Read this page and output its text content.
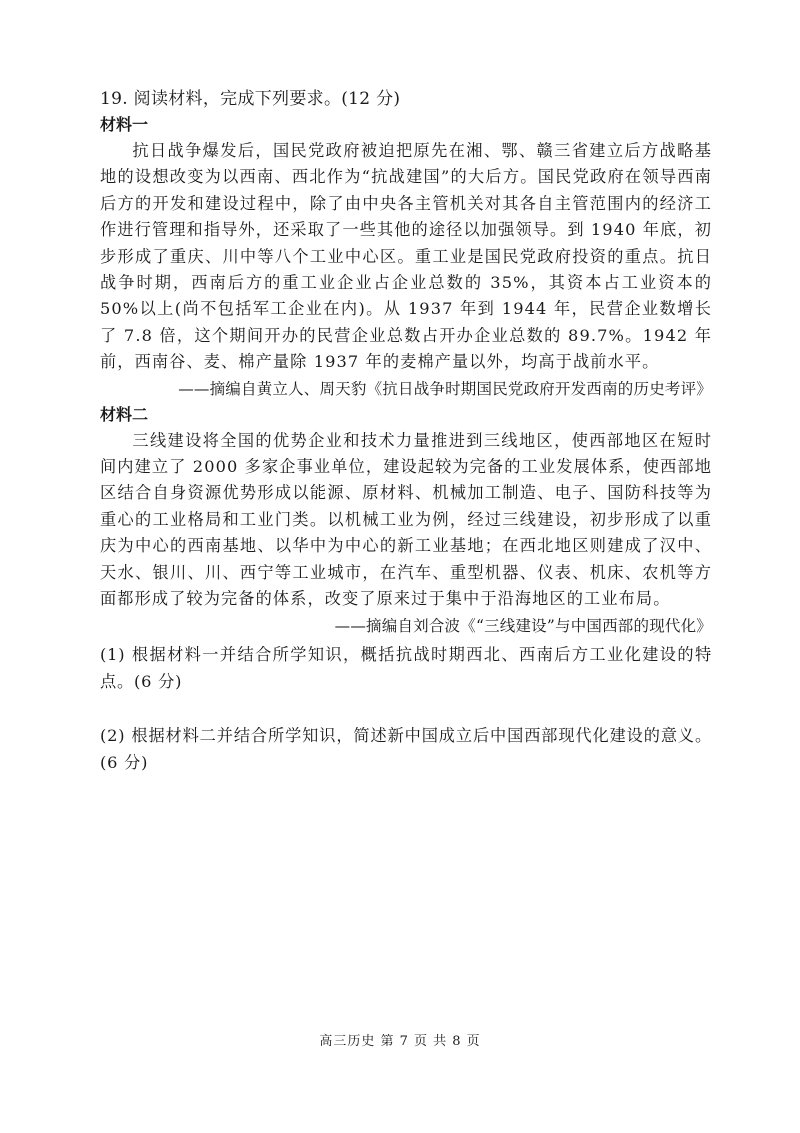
19. 阅读材料，完成下列要求。(12 分)

材料一

抗日战争爆发后，国民党政府被迫把原先在湘、鄂、赣三省建立后方战略基地的设想改变为以西南、西北作为“抗战建国”的大后方。国民党政府在领导西南后方的开发和建设过程中，除了由中央各主管机关对其各自主管范围内的经济工作进行管理和指导外，还采取了一些其他的途径以加强领导。到 1940 年底，初步形成了重庆、川中等八个工业中心区。重工业是国民党政府投资的重点。抗日战争时期，西南后方的重工业企业占企业总数的 35%，其资本占工业资本的 50%以上(尚不包括军工企业在内)。从 1937 年到 1944 年，民营企业数增长了 7.8 倍，这个期间开办的民营企业总数占开办企业总数的 89.7%。1942 年前，西南谷、麦、棉产量除 1937 年的麦棉产量以外，均高于战前水平。

——摘编自黄立人、周天豹《抗日战争时期国民党政府开发西南的历史考评》

材料二

三线建设将全国的优势企业和技术力量推进到三线地区，使西部地区在短时间内建立了 2000 多家企事业单位，建设起较为完备的工业发展体系，使西部地区结合自身资源优势形成以能源、原材料、机械加工制造、电子、国防科技等为重心的工业格局和工业门类。以机械工业为例，经过三线建设，初步形成了以重庆为中心的西南基地、以华中为中心的新工业基地；在西北地区则建成了汉中、天水、银川、川、西宁等工业城市，在汽车、重型机器、仪表、机床、农机等方面都形成了较为完备的体系，改变了原来过于集中于沿海地区的工业布局。

——摘编自刘合波《“三线建设”与中国西部的现代化》

(1) 根据材料一并结合所学知识，概括抗战时期西北、西南后方工业化建设的特点。(6 分)

(2) 根据材料二并结合所学知识，简述新中国成立后中国西部现代化建设的意义。(6 分)

高三历史 第 7 页 共 8 页
